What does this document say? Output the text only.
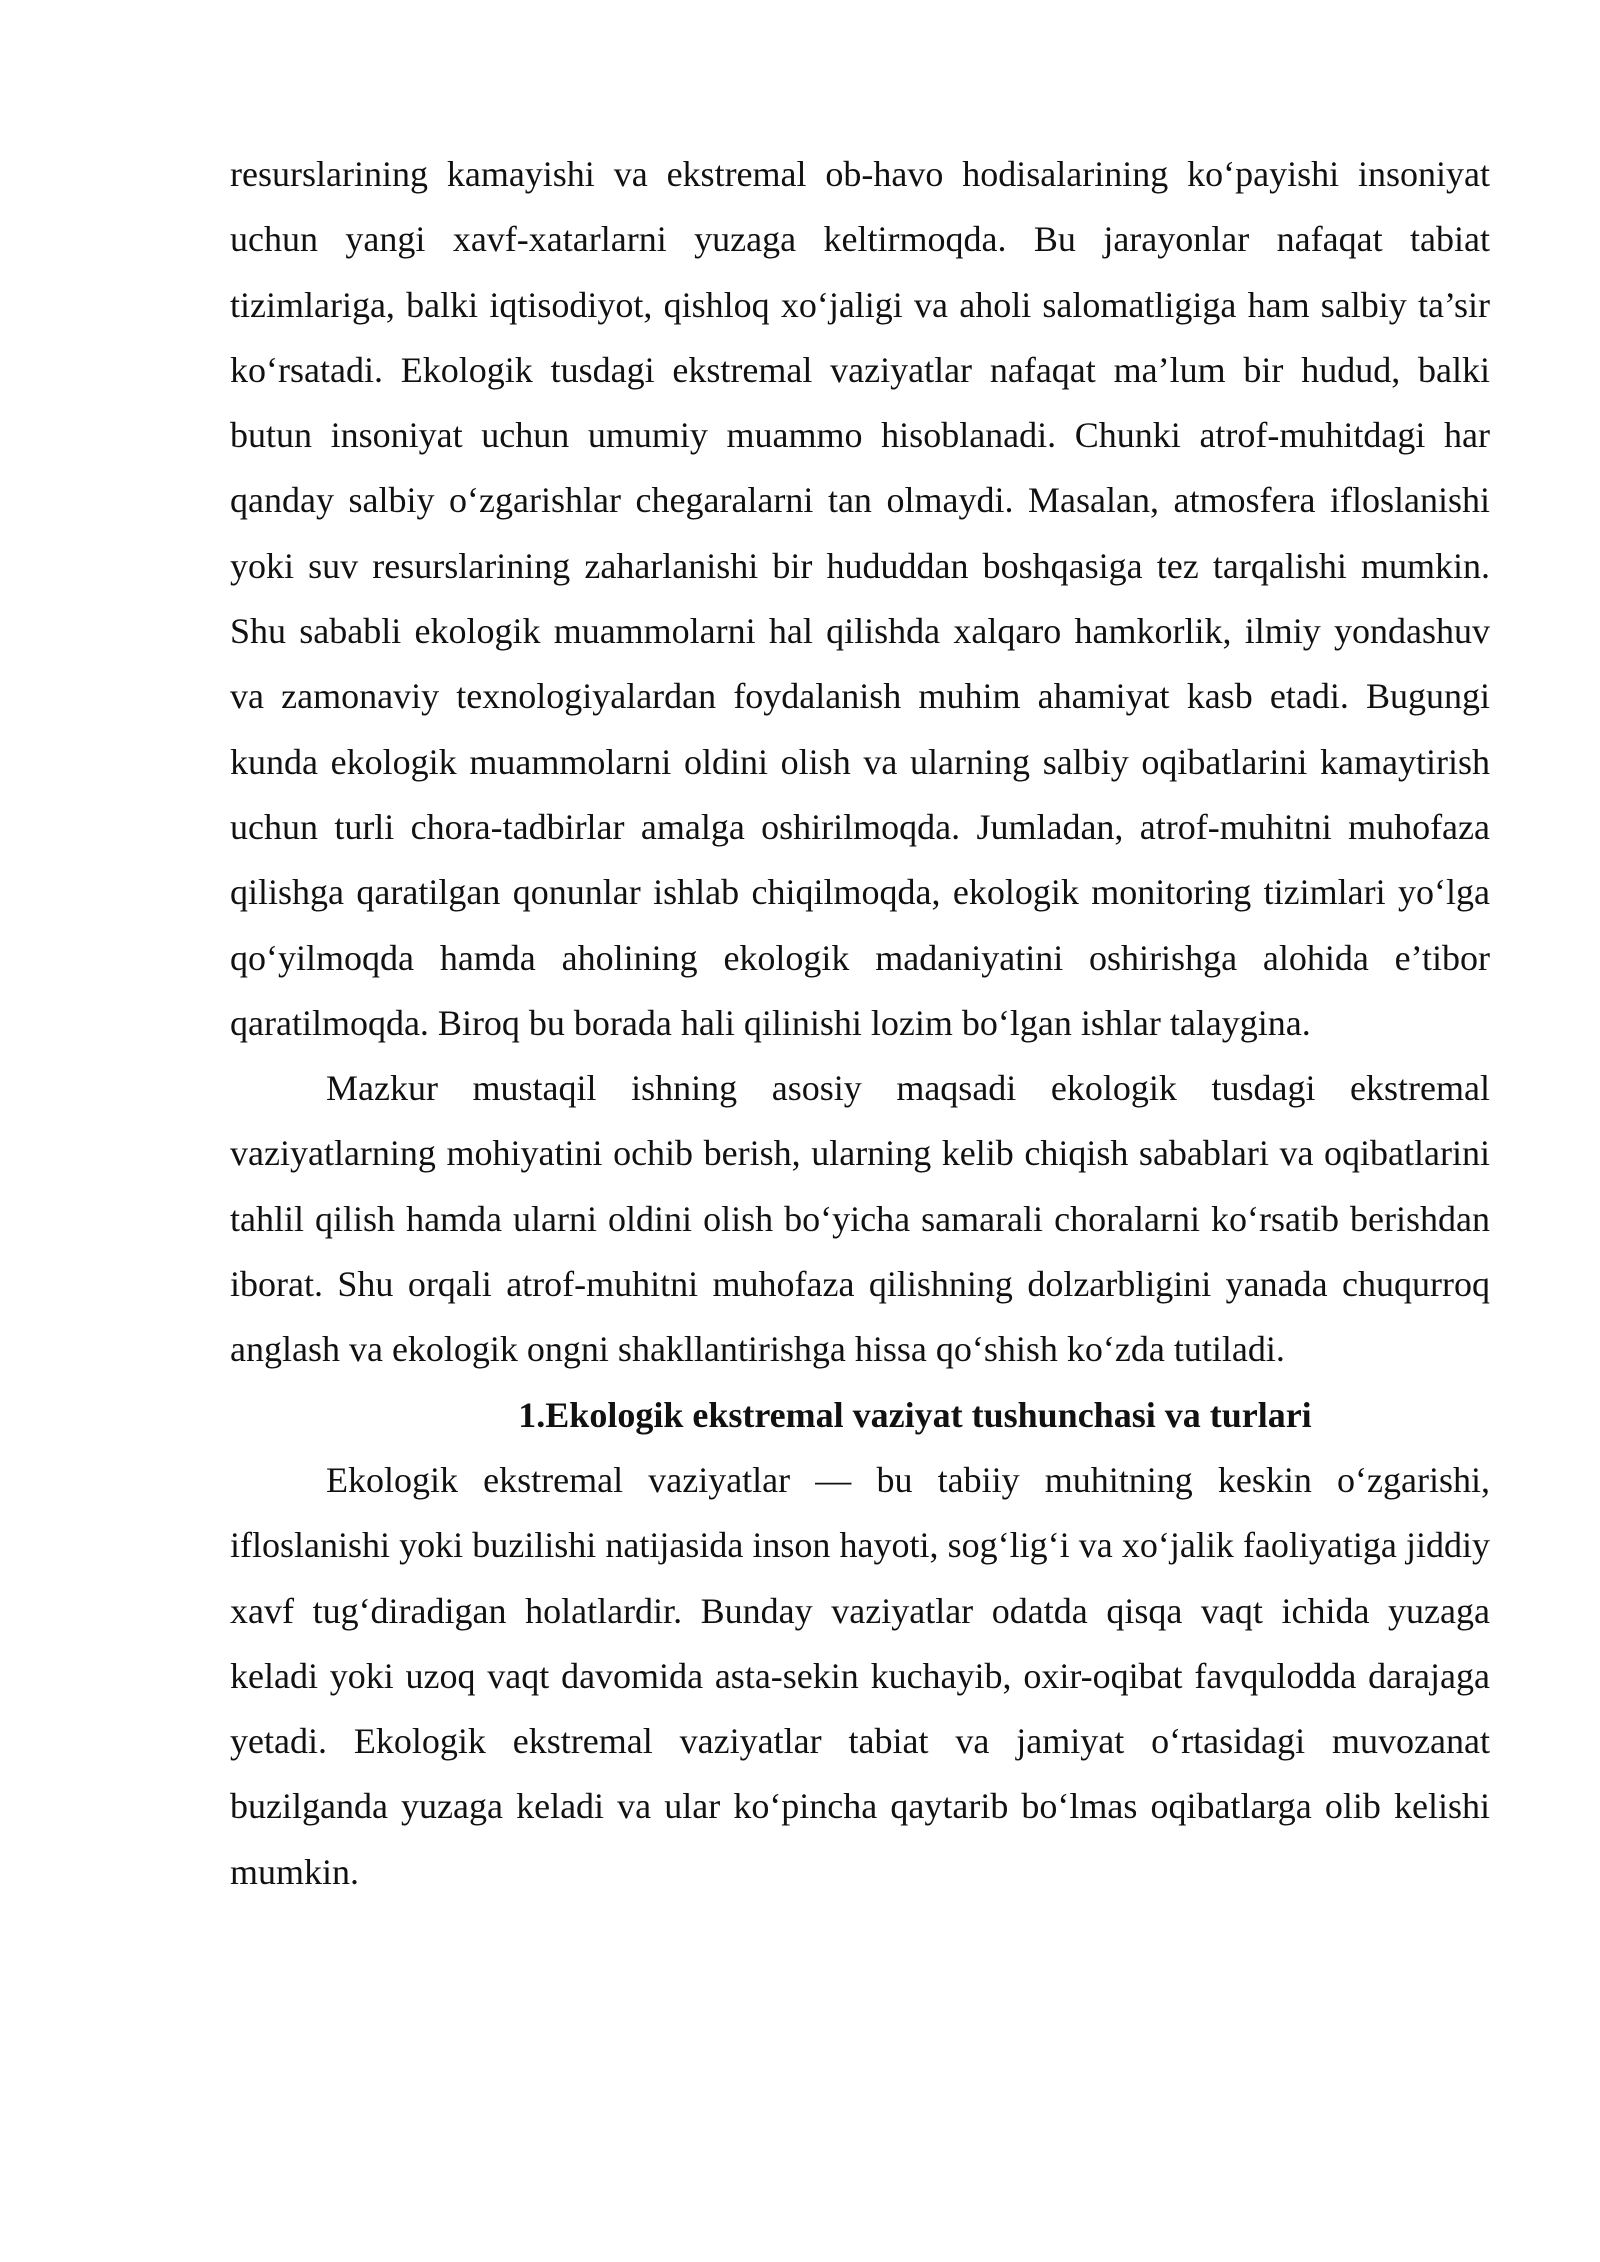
resurslarining kamayishi va ekstremal ob-havo hodisalarining ko‘payishi insoniyat uchun yangi xavf-xatarlarni yuzaga keltirmoqda. Bu jarayonlar nafaqat tabiat tizimlariga, balki iqtisodiyot, qishloq xo‘jaligi va aholi salomatligiga ham salbiy ta’sir ko‘rsatadi. Ekologik tusdagi ekstremal vaziyatlar nafaqat ma’lum bir hudud, balki butun insoniyat uchun umumiy muammo hisoblanadi. Chunki atrof-muhitdagi har qanday salbiy o‘zgarishlar chegaralarni tan olmaydi. Masalan, atmosfera ifloslanishi yoki suv resurslarining zaharlanishi bir hududdan boshqasiga tez tarqalishi mumkin. Shu sababli ekologik muammolarni hal qilishda xalqaro hamkorlik, ilmiy yondashuv va zamonaviy texnologiyalardan foydalanish muhim ahamiyat kasb etadi. Bugungi kunda ekologik muammolarni oldini olish va ularning salbiy oqibatlarini kamaytirish uchun turli chora-tadbirlar amalga oshirilmoqda. Jumladan, atrof-muhitni muhofaza qilishga qaratilgan qonunlar ishlab chiqilmoqda, ekologik monitoring tizimlari yo‘lga qo‘yilmoqda hamda aholining ekologik madaniyatini oshirishga alohida e’tibor qaratilmoqda. Biroq bu borada hali qilinishi lozim bo‘lgan ishlar talaygina.

Mazkur mustaqil ishning asosiy maqsadi ekologik tusdagi ekstremal vaziyatlarning mohiyatini ochib berish, ularning kelib chiqish sabablari va oqibatlarini tahlil qilish hamda ularni oldini olish bo‘yicha samarali choralarni ko‘rsatib berishdan iborat. Shu orqali atrof-muhitni muhofaza qilishning dolzarbligini yanada chuqurroq anglash va ekologik ongni shakllantirishga hissa qo‘shish ko‘zda tutiladi.

1.Ekologik ekstremal vaziyat tushunchasi va turlari

Ekologik ekstremal vaziyatlar — bu tabiiy muhitning keskin o‘zgarishi, ifloslanishi yoki buzilishi natijasida inson hayoti, sog‘lig‘i va xo‘jalik faoliyatiga jiddiy xavf tug‘diradigan holatlardir. Bunday vaziyatlar odatda qisqa vaqt ichida yuzaga keladi yoki uzoq vaqt davomida asta-sekin kuchayib, oxir-oqibat favqulodda darajaga yetadi. Ekologik ekstremal vaziyatlar tabiat va jamiyat o‘rtasidagi muvozanat buzilganda yuzaga keladi va ular ko‘pincha qaytarib bo‘lmas oqibatlarga olib kelishi mumkin.
